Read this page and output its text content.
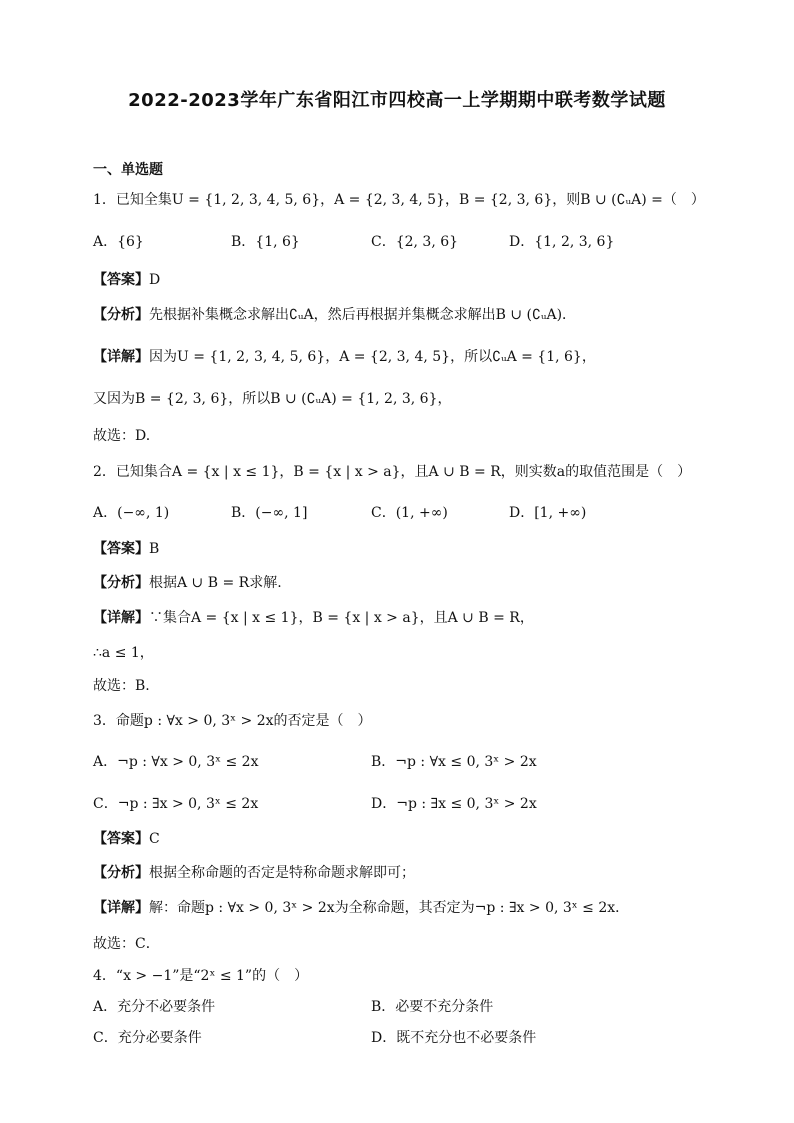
2022-2023学年广东省阳江市四校高一上学期期中联考数学试题
一、单选题
1．已知全集U = {1, 2, 3, 4, 5, 6}，A = {2, 3, 4, 5}，B = {2, 3, 6}，则B ∪ (∁ᵤA) =（　）
A．{6}	B．{1, 6}	C．{2, 3, 6}	D．{1, 2, 3, 6}
【答案】D
【分析】先根据补集概念求解出∁ᵤA，然后再根据并集概念求解出B ∪ (∁ᵤA)．
【详解】因为U = {1, 2, 3, 4, 5, 6}，A = {2, 3, 4, 5}，所以∁ᵤA = {1, 6}，
又因为B = {2, 3, 6}，所以B ∪ (∁ᵤA) = {1, 2, 3, 6}，
故选：D.
2．已知集合A = {x | x ≤ 1}，B = {x | x > a}，且A ∪ B = R，则实数a的取值范围是（　）
A．(−∞, 1)	B．(−∞, 1]	C．(1, +∞)	D．[1, +∞)
【答案】B
【分析】根据A ∪ B = R求解.
【详解】∵集合A = {x | x ≤ 1}，B = {x | x > a}，且A ∪ B = R，
∴a ≤ 1，
故选：B.
3．命题p : ∀x > 0, 3ˣ > 2x的否定是（　）
A．¬p : ∀x > 0, 3ˣ ≤ 2x	B．¬p : ∀x ≤ 0, 3ˣ > 2x
C．¬p : ∃x > 0, 3ˣ ≤ 2x	D．¬p : ∃x ≤ 0, 3ˣ > 2x
【答案】C
【分析】根据全称命题的否定是特称命题求解即可；
【详解】解：命题p : ∀x > 0, 3ˣ > 2x为全称命题，其否定为¬p : ∃x > 0, 3ˣ ≤ 2x．
故选：C．
4．“x > −1”是“2ˣ ≤ 1”的（　）
A．充分不必要条件	B．必要不充分条件
C．充分必要条件	D．既不充分也不必要条件
